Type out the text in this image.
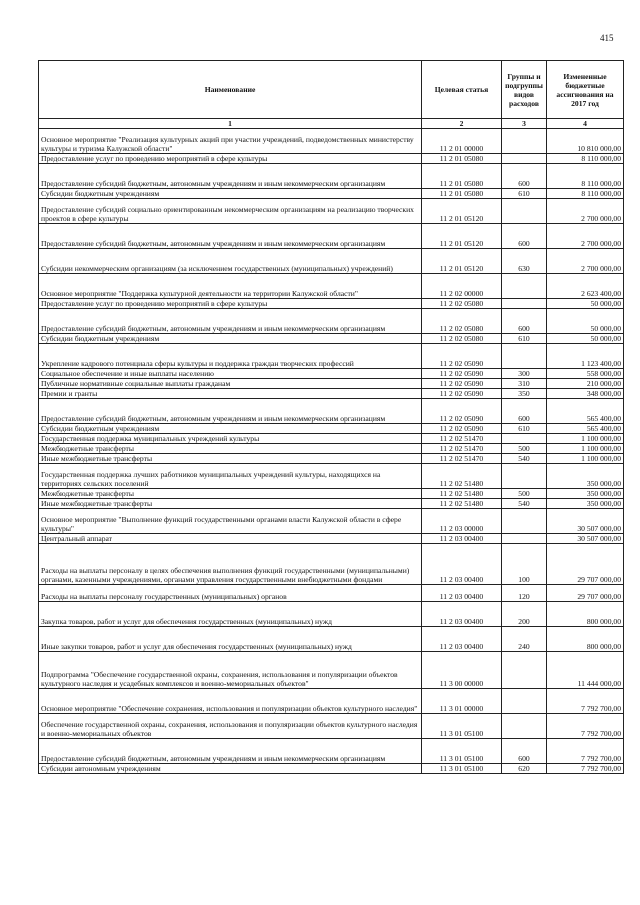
415
Наименование	Целевая статья	Группы и подгруппы видов расходов	Измененные бюджетные ассигнования на 2017 год
1	2	3	4
Основное мероприятие "Реализация культурных акций при участии учреждений, подведомственных министерству культуры и туризма Калужской области"	11 2 01 00000		10 810 000,00
Предоставление услуг по проведению мероприятий в сфере культуры	11 2 01 05080		8 110 000,00
Предоставление субсидий бюджетным, автономным учреждениям и иным некоммерческим организациям	11 2 01 05080	600	8 110 000,00
Субсидии бюджетным учреждениям	11 2 01 05080	610	8 110 000,00
Предоставление субсидий социально ориентированным некоммерческим организациям на реализацию творческих проектов в сфере культуры	11 2 01 05120		2 700 000,00
Предоставление субсидий бюджетным, автономным учреждениям и иным некоммерческим организациям	11 2 01 05120	600	2 700 000,00
Субсидии некоммерческим организациям (за исключением государственных (муниципальных) учреждений)	11 2 01 05120	630	2 700 000,00
Основное мероприятие "Поддержка культурной деятельности на территории Калужской области"	11 2 02 00000		2 623 400,00
Предоставление услуг по проведению мероприятий в сфере культуры	11 2 02 05080		50 000,00
Предоставление субсидий бюджетным, автономным учреждениям и иным некоммерческим организациям	11 2 02 05080	600	50 000,00
Субсидии бюджетным учреждениям	11 2 02 05080	610	50 000,00
Укрепление кадрового потенциала сферы культуры и поддержка граждан творческих профессий	11 2 02 05090		1 123 400,00
Социальное обеспечение и иные выплаты населению	11 2 02 05090	300	558 000,00
Публичные нормативные социальные выплаты гражданам	11 2 02 05090	310	210 000,00
Премии и гранты	11 2 02 05090	350	348 000,00
Предоставление субсидий бюджетным, автономным учреждениям и иным некоммерческим организациям	11 2 02 05090	600	565 400,00
Субсидии бюджетным учреждениям	11 2 02 05090	610	565 400,00
Государственная поддержка муниципальных учреждений культуры	11 2 02 51470		1 100 000,00
Межбюджетные трансферты	11 2 02 51470	500	1 100 000,00
Иные межбюджетные трансферты	11 2 02 51470	540	1 100 000,00
Государственная поддержка лучших работников муниципальных учреждений культуры, находящихся на территориях сельских поселений	11 2 02 51480		350 000,00
Межбюджетные трансферты	11 2 02 51480	500	350 000,00
Иные межбюджетные трансферты	11 2 02 51480	540	350 000,00
Основное мероприятие "Выполнение функций государственными органами власти Калужской области в сфере культуры"	11 2 03 00000		30 507 000,00
Центральный аппарат	11 2 03 00400		30 507 000,00
Расходы на выплаты персоналу в целях обеспечения выполнения функций государственными (муниципальными) органами, казенными учреждениями, органами управления государственными внебюджетными фондами	11 2 03 00400	100	29 707 000,00
Расходы на выплаты персоналу государственных (муниципальных) органов	11 2 03 00400	120	29 707 000,00
Закупка товаров, работ и услуг для обеспечения государственных (муниципальных) нужд	11 2 03 00400	200	800 000,00
Иные закупки товаров, работ и услуг для обеспечения государственных (муниципальных) нужд	11 2 03 00400	240	800 000,00
Подпрограмма "Обеспечение государственной охраны, сохранения, использования и популяризации объектов культурного наследия и усадебных комплексов и военно-мемориальных объектов"	11 3 00 00000		11 444 000,00
Основное мероприятие "Обеспечение сохранения, использования и популяризации объектов культурного наследия"	11 3 01 00000		7 792 700,00
Обеспечение государственной охраны, сохранения, использования и популяризации объектов культурного наследия и военно-мемориальных объектов	11 3 01 05100		7 792 700,00
Предоставление субсидий бюджетным, автономным учреждениям и иным некоммерческим организациям	11 3 01 05100	600	7 792 700,00
Субсидии автономным учреждениям	11 3 01 05100	620	7 792 700,00
